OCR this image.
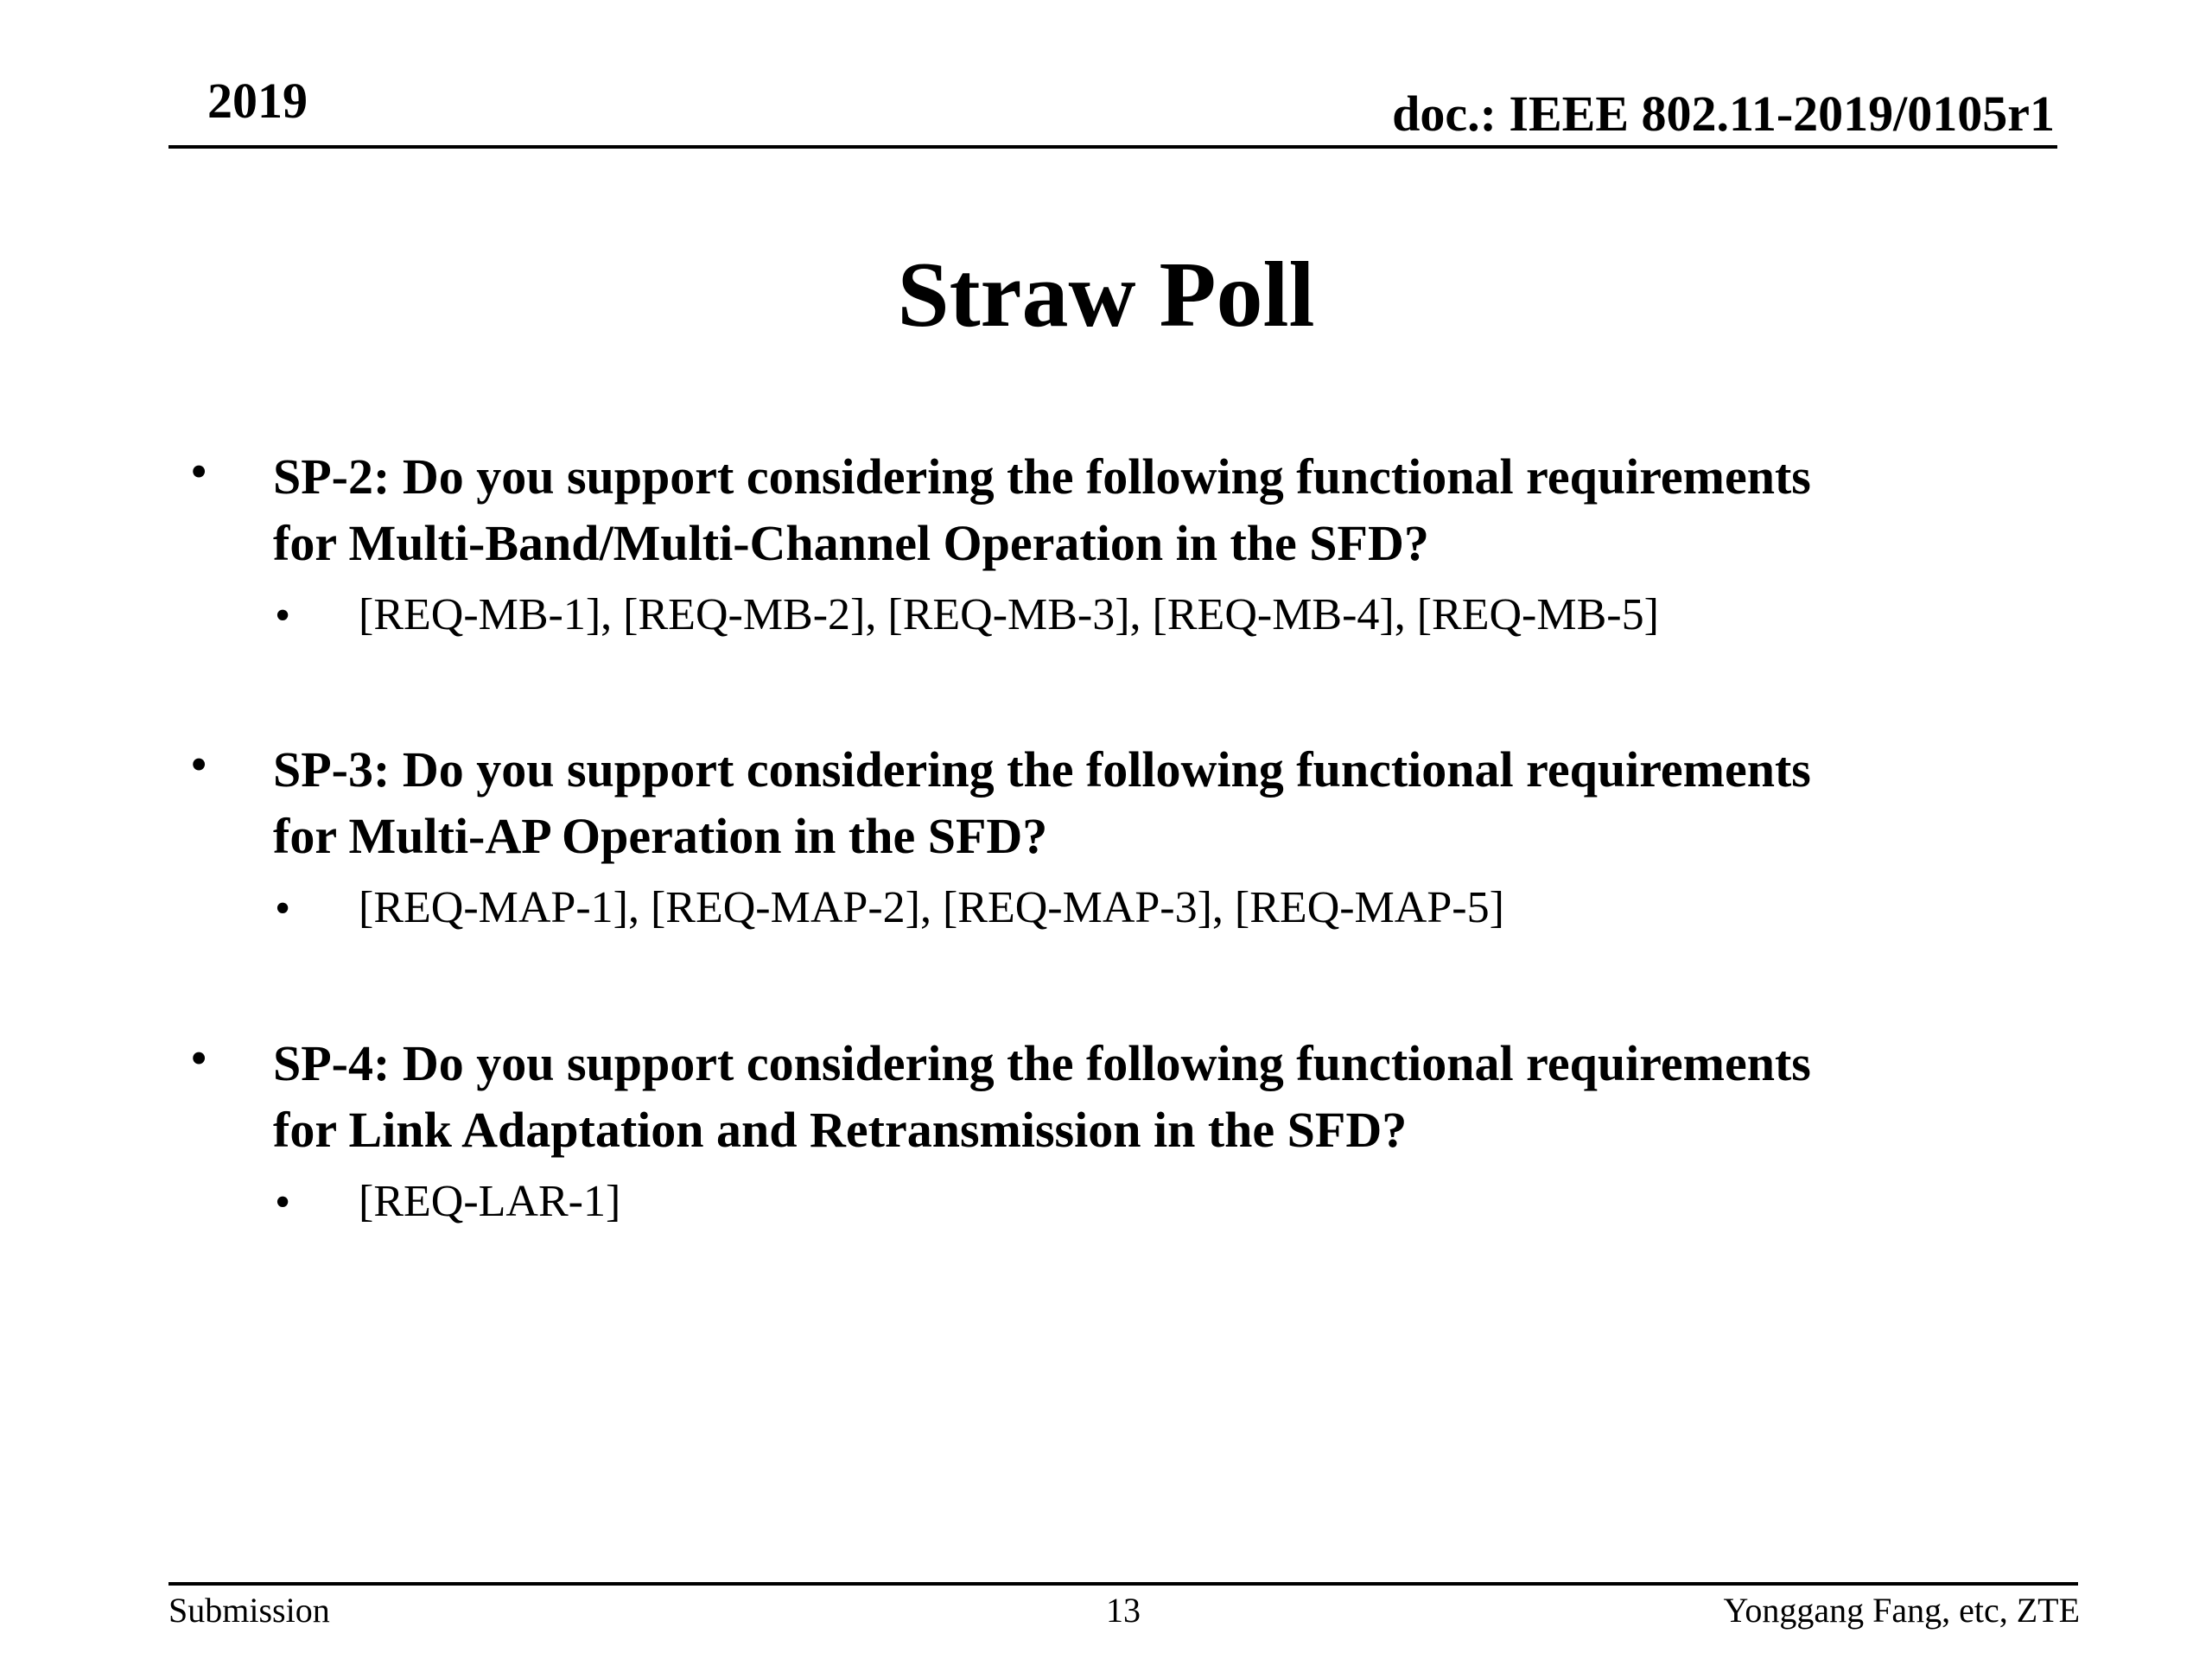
2019	doc.: IEEE 802.11-2019/0105r1
Straw Poll
• SP-2: Do you support considering the following functional requirements
for Multi-Band/Multi-Channel Operation in the SFD?
• [REQ-MB-1], [REQ-MB-2], [REQ-MB-3], [REQ-MB-4], [REQ-MB-5]
• SP-3: Do you support considering the following functional requirements
for Multi-AP Operation in the SFD?
• [REQ-MAP-1], [REQ-MAP-2], [REQ-MAP-3], [REQ-MAP-5]
• SP-4: Do you support considering the following functional requirements
for Link Adaptation and Retransmission in the SFD?
• [REQ-LAR-1]
Submission	13	Yonggang Fang, etc, ZTE
